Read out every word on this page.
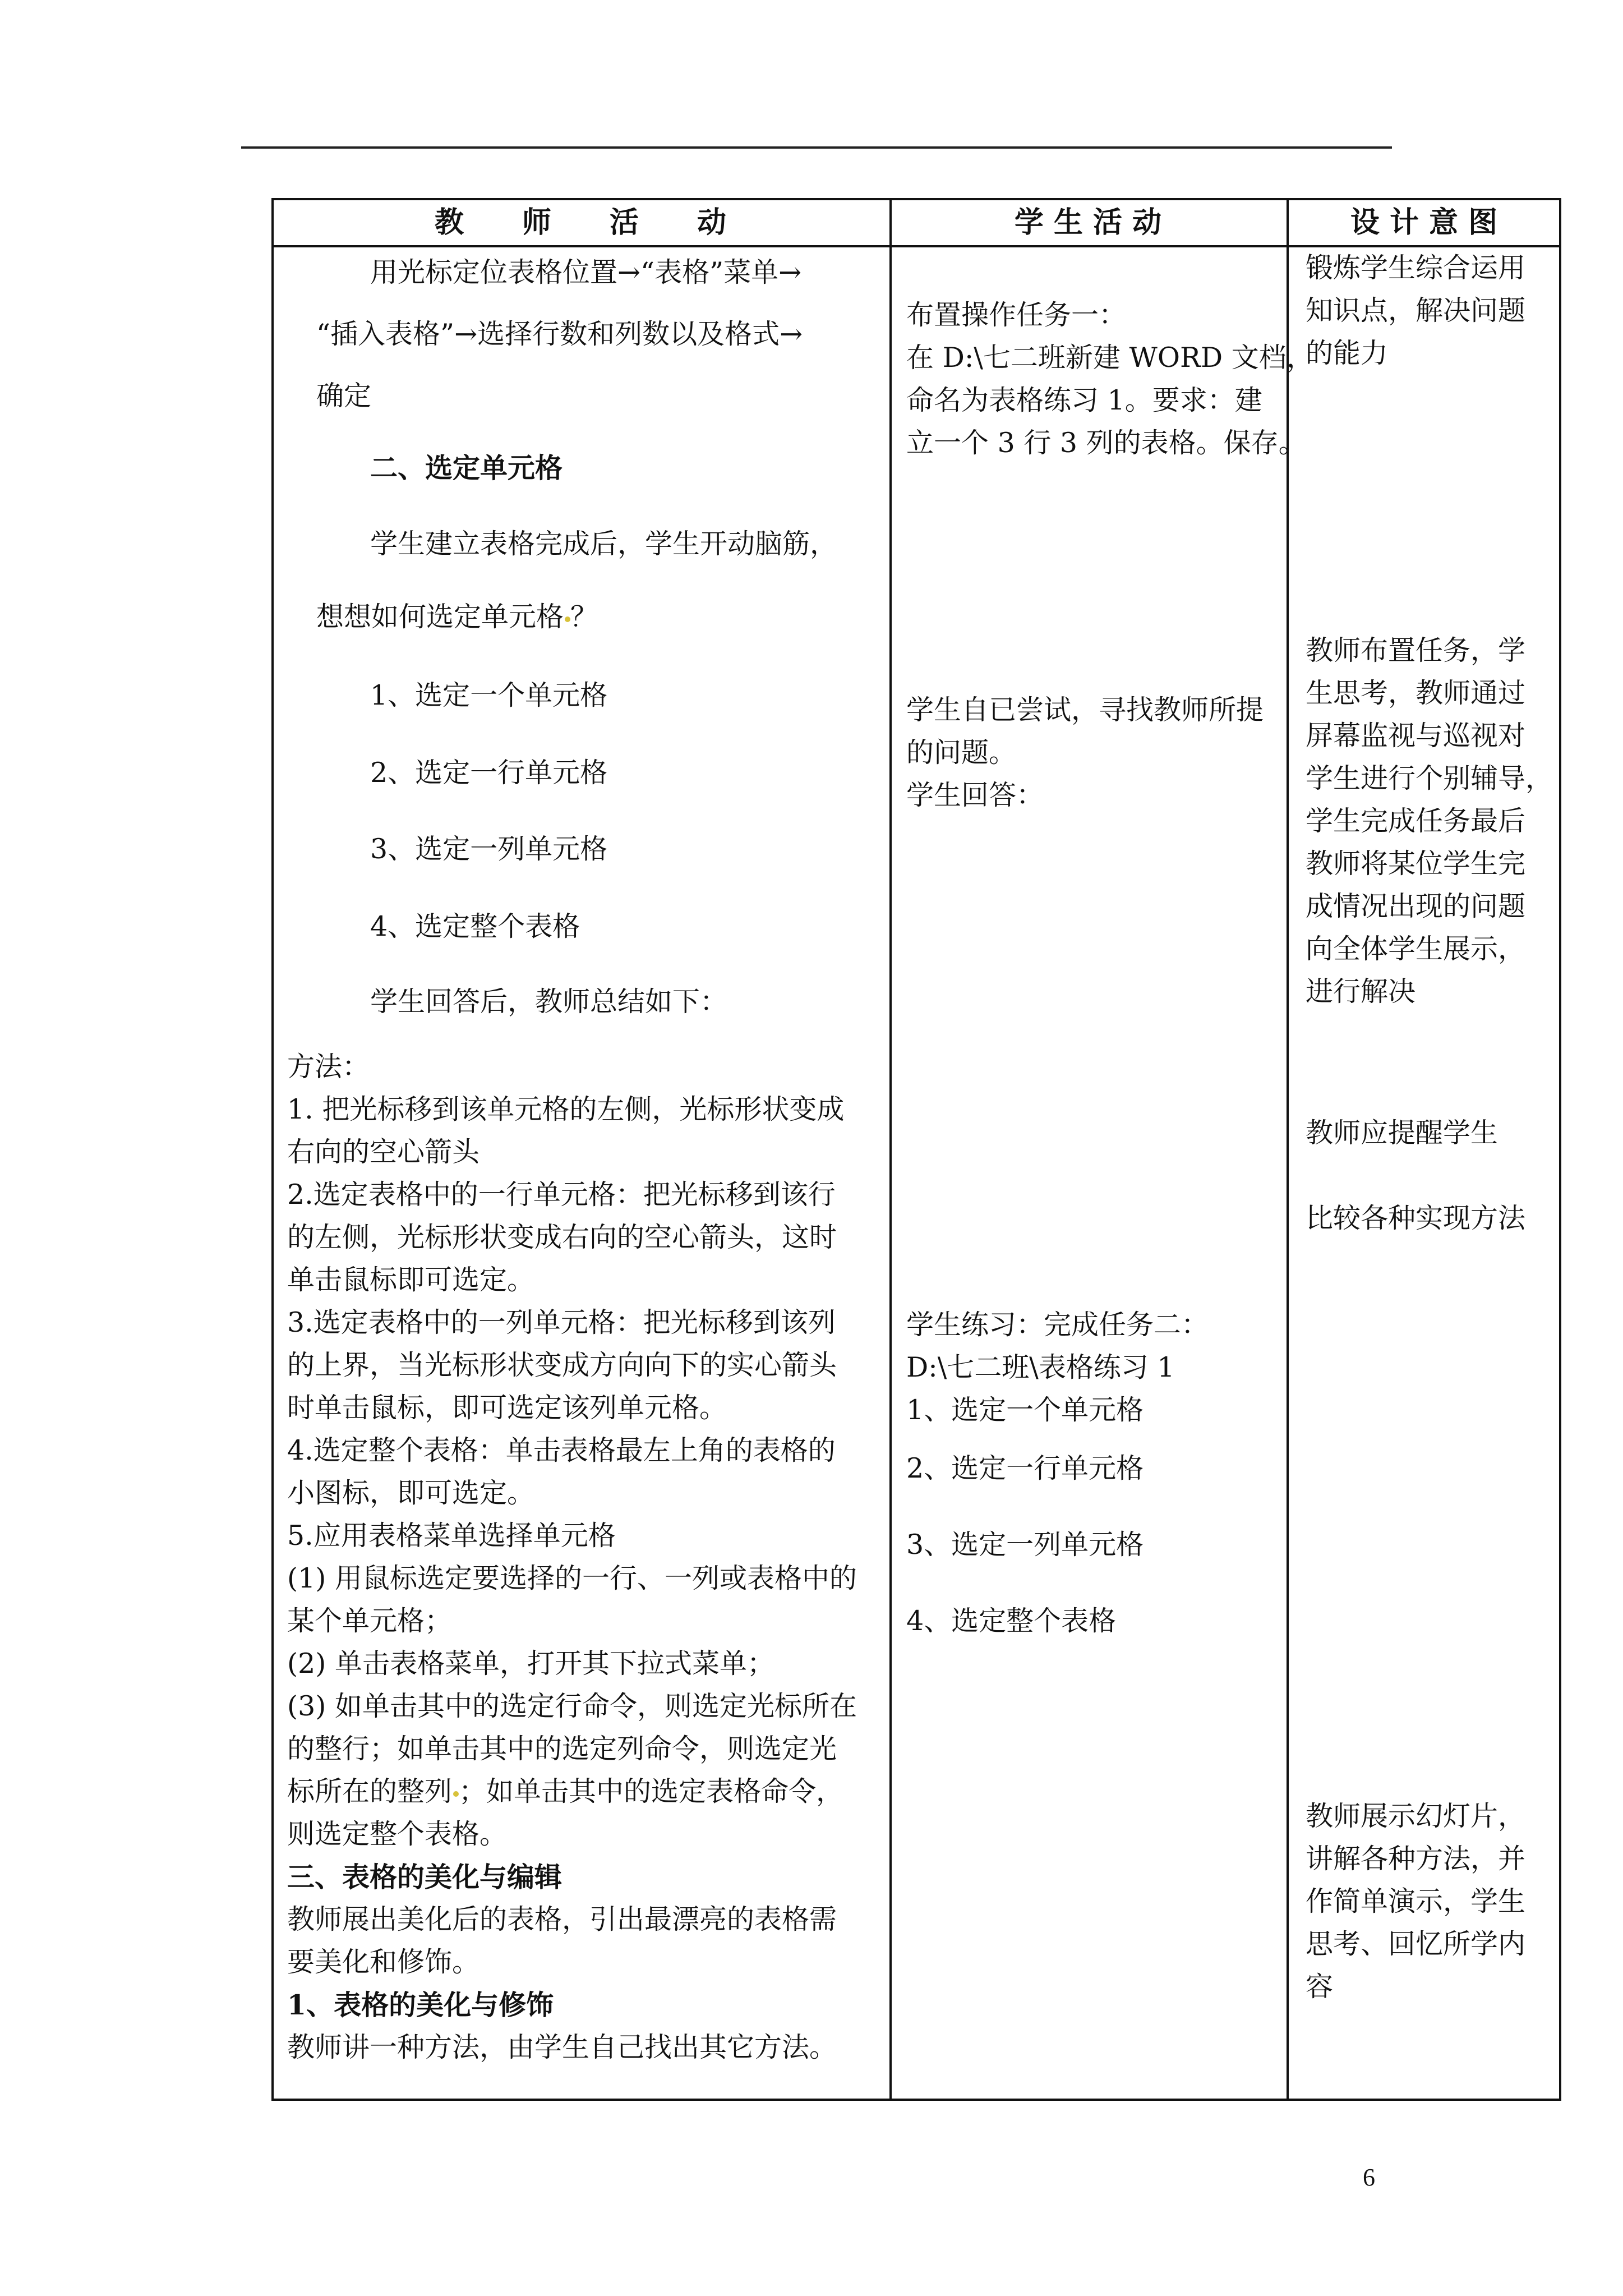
教　　师　　活　　动	学 生 活 动	设 计 意 图
用光标定位表格位置→“表格”菜单→
“插入表格”→选择行数和列数以及格式→
确定
二、选定单元格
学生建立表格完成后，学生开动脑筋，
想想如何选定单元格 ？
1、选定一个单元格
2、选定一行单元格
3、选定一列单元格
4、选定整个表格
学生回答后，教师总结如下：
方法：
1. 把光标移到该单元格的左侧，光标形状变成
右向的空心箭头
2.选定表格中的一行单元格：把光标移到该行
的左侧，光标形状变成右向的空心箭头，这时
单击鼠标即可选定。
3.选定表格中的一列单元格：把光标移到该列
的上界，当光标形状变成方向向下的实心箭头
时单击鼠标，即可选定该列单元格。
4.选定整个表格：单击表格最左上角的表格的
小图标，即可选定。
5.应用表格菜单选择单元格
(1) 用鼠标选定要选择的一行、一列或表格中的
某个单元格；
(2) 单击表格菜单，打开其下拉式菜单；
(3) 如单击其中的选定行命令，则选定光标所在
的整行；如单击其中的选定列命令，则选定光
标所在的整列 ；如单击其中的选定表格命令，
则选定整个表格。
三、表格的美化与编辑
教师展出美化后的表格，引出最漂亮的表格需
要美化和修饰。
1、表格的美化与修饰
教师讲一种方法，由学生自己找出其它方法。
布置操作任务一：
在 D:\七二班新建 WORD 文档，
命名为表格练习 1。要求：建
立一个 3 行 3 列的表格。保存。
学生自已尝试，寻找教师所提
的问题。
学生回答：
学生练习：完成任务二：
D:\七二班\表格练习 1
1、选定一个单元格
2、选定一行单元格
3、选定一列单元格
4、选定整个表格
锻炼学生综合运用
知识点，解决问题
的能力
教师布置任务，学
生思考，教师通过
屏幕监视与巡视对
学生进行个别辅导，
学生完成任务最后
教师将某位学生完
成情况出现的问题
向全体学生展示，
进行解决
教师应提醒学生
比较各种实现方法
教师展示幻灯片，
讲解各种方法，并
作简单演示，学生
思考、回忆所学内
容
6
